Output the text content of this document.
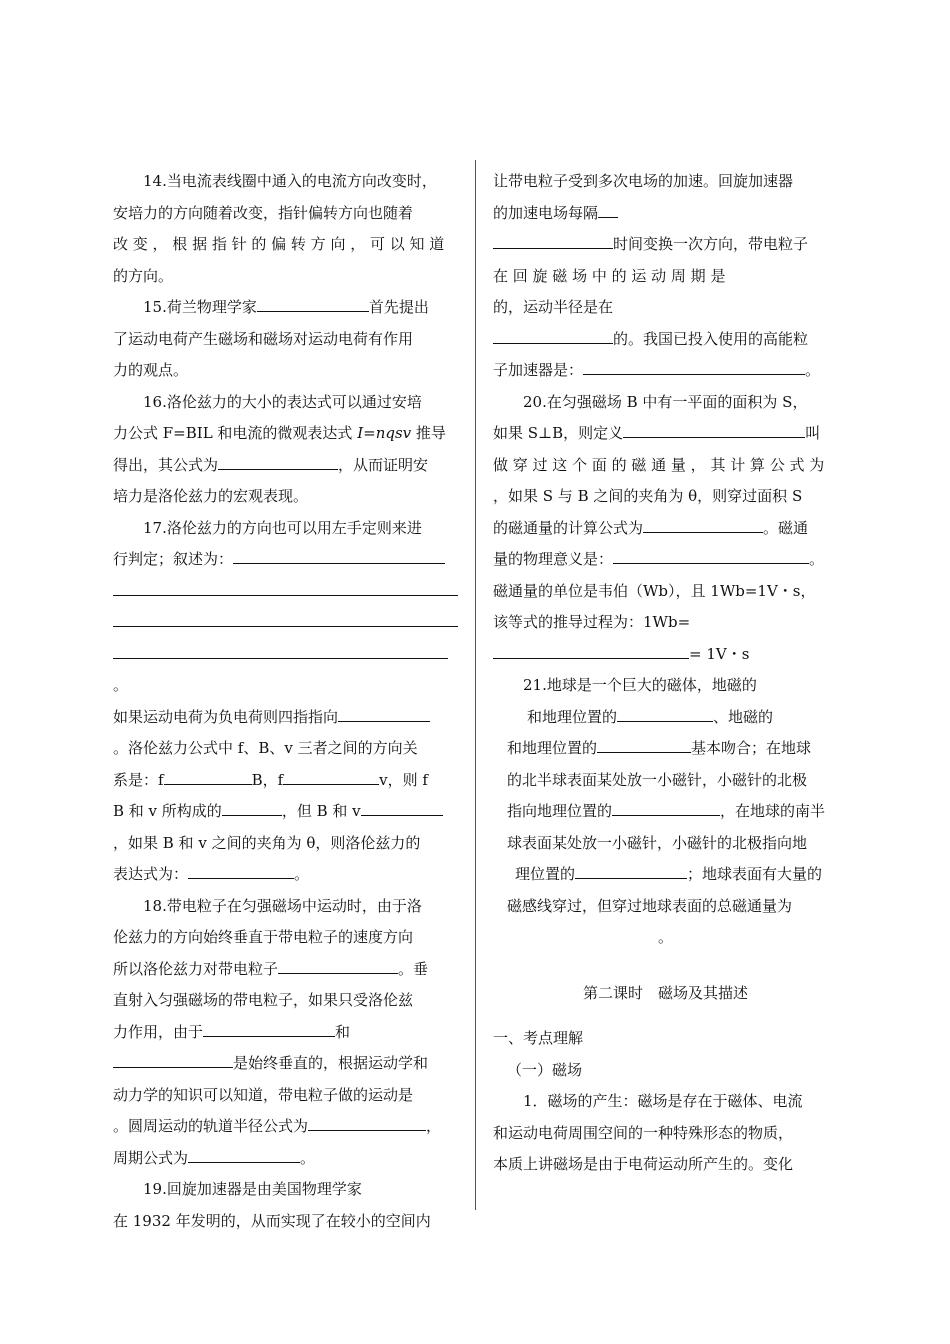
14.当电流表线圈中通入的电流方向改变时，

安培力的方向随着改变，指针偏转方向也随着

改 变 ， 根 据 指 针 的 偏 转 方 向 ， 可 以 知 道

的方向。

15.荷兰物理学家	首先提出

了运动电荷产生磁场和磁场对运动电荷有作用

力的观点。

16.洛伦兹力的大小的表达式可以通过安培

力公式 F=BIL 和电流的微观表达式 I=nqsv 推导

得出，其公式为	，从而证明安

培力是洛伦兹力的宏观表现。

17.洛伦兹力的方向也可以用左手定则来进

行判定；叙述为：

。

如果运动电荷为负电荷则四指指向

。洛伦兹力公式中 f、B、v 三者之间的方向关

系是：f	B，f	v，则 f

B 和 v 所构成的	，但 B 和 v

，如果 B 和 v 之间的夹角为 θ，则洛伦兹力的

表达式为：	。

18.带电粒子在匀强磁场中运动时，由于洛

伦兹力的方向始终垂直于带电粒子的速度方向

所以洛伦兹力对带电粒子	。垂

直射入匀强磁场的带电粒子，如果只受洛伦兹

力作用，由于	和

是始终垂直的，根据运动学和

动力学的知识可以知道，带电粒子做的运动是

。圆周运动的轨道半径公式为	，

周期公式为	。

19.回旋加速器是由美国物理学家

在 1932 年发明的，从而实现了在较小的空间内

让带电粒子受到多次电场的加速。回旋加速器

的加速电场每隔

时间变换一次方向，带电粒子

在 回 旋 磁 场 中 的 运 动 周 期 是

的，运动半径是在

的。我国已投入使用的高能粒

子加速器是：	。

20.在匀强磁场 B 中有一平面的面积为 S，

如果 S⊥B，则定义	叫

做 穿 过 这 个 面 的 磁 通 量 ， 其 计 算 公 式 为

，如果 S 与 B 之间的夹角为 θ，则穿过面积 S

的磁通量的计算公式为	。磁通

量的物理意义是：	。

磁通量的单位是韦伯（Wb），且 1Wb=1V・s，

该等式的推导过程为：1Wb=

= 1V・s

21.地球是一个巨大的磁体，地磁的

和地理位置的	、地磁的

和地理位置的	基本吻合；在地球

的北半球表面某处放一小磁针，小磁针的北极

指向地理位置的	，在地球的南半

球表面某处放一小磁针，小磁针的北极指向地

理位置的	；地球表面有大量的

磁感线穿过，但穿过地球表面的总磁通量为

。

第二课时　磁场及其描述

一、考点理解

（一）磁场

1．磁场的产生：磁场是存在于磁体、电流

和运动电荷周围空间的一种特殊形态的物质，

本质上讲磁场是由于电荷运动所产生的。变化
